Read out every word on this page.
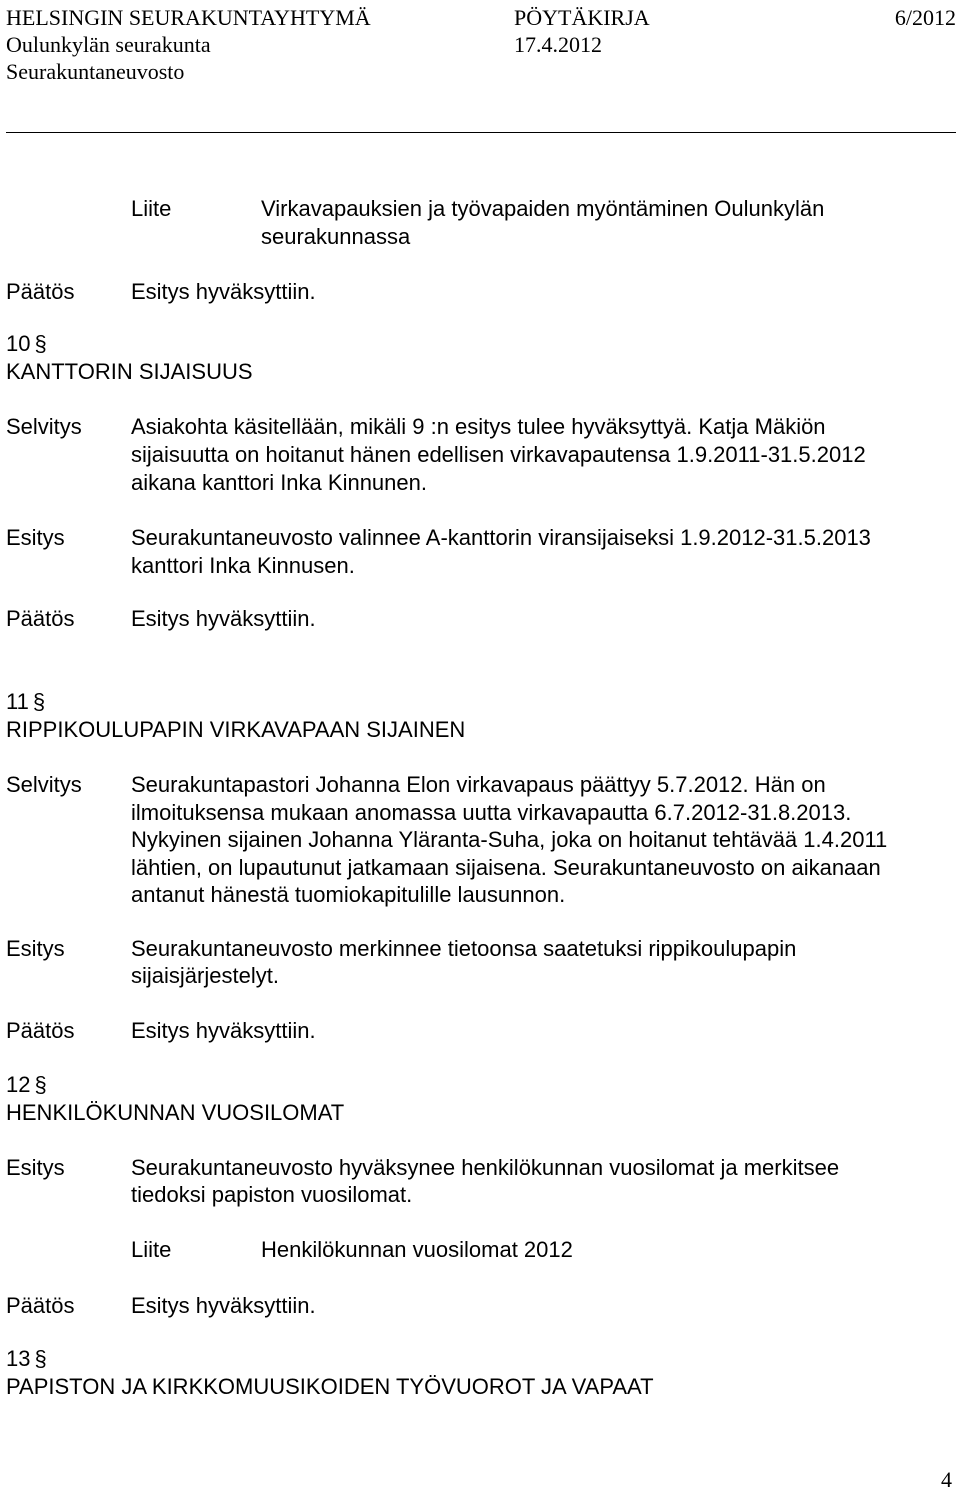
HELSINGIN SEURAKUNTAYHTYMÄ	PÖYTÄKIRJA	6/2012
Oulunkylän seurakunta	17.4.2012
Seurakuntaneuvosto
Liite	Virkavapauksien ja työvapaiden myöntäminen Oulunkylän
seurakunnassa
Päätös	Esitys hyväksyttiin.
10 §
KANTTORIN SIJAISUUS
Selvitys Asiakohta käsitellään, mikäli 9 :n esitys tulee hyväksyttyä. Katja Mäkiön
sijaisuutta on hoitanut hänen edellisen virkavapautensa 1.9.2011-31.5.2012
aikana kanttori Inka Kinnunen.
Esitys	Seurakuntaneuvosto valinnee A-kanttorin viransijaiseksi 1.9.2012-31.5.2013
kanttori Inka Kinnusen.
Päätös	Esitys hyväksyttiin.
11 §
RIPPIKOULUPAPIN VIRKAVAPAAN SIJAINEN
Selvitys Seurakuntapastori Johanna Elon virkavapaus päättyy 5.7.2012. Hän on
ilmoituksensa mukaan anomassa uutta virkavapautta 6.7.2012-31.8.2013.
Nykyinen sijainen Johanna Yläranta-Suha, joka on hoitanut tehtävää 1.4.2011
lähtien, on lupautunut jatkamaan sijaisena. Seurakuntaneuvosto on aikanaan
antanut hänestä tuomiokapitulille lausunnon.
Esitys	Seurakuntaneuvosto merkinnee tietoonsa saatetuksi rippikoulupapin
sijaisjärjestelyt.
Päätös	Esitys hyväksyttiin.
12 §
HENKILÖKUNNAN VUOSILOMAT
Esitys	Seurakuntaneuvosto hyväksynee henkilökunnan vuosilomat ja merkitsee
tiedoksi papiston vuosilomat.
Liite	Henkilökunnan vuosilomat 2012
Päätös	Esitys hyväksyttiin.
13 §
PAPISTON JA KIRKKOMUUSIKOIDEN TYÖVUOROT JA VAPAAT
4
